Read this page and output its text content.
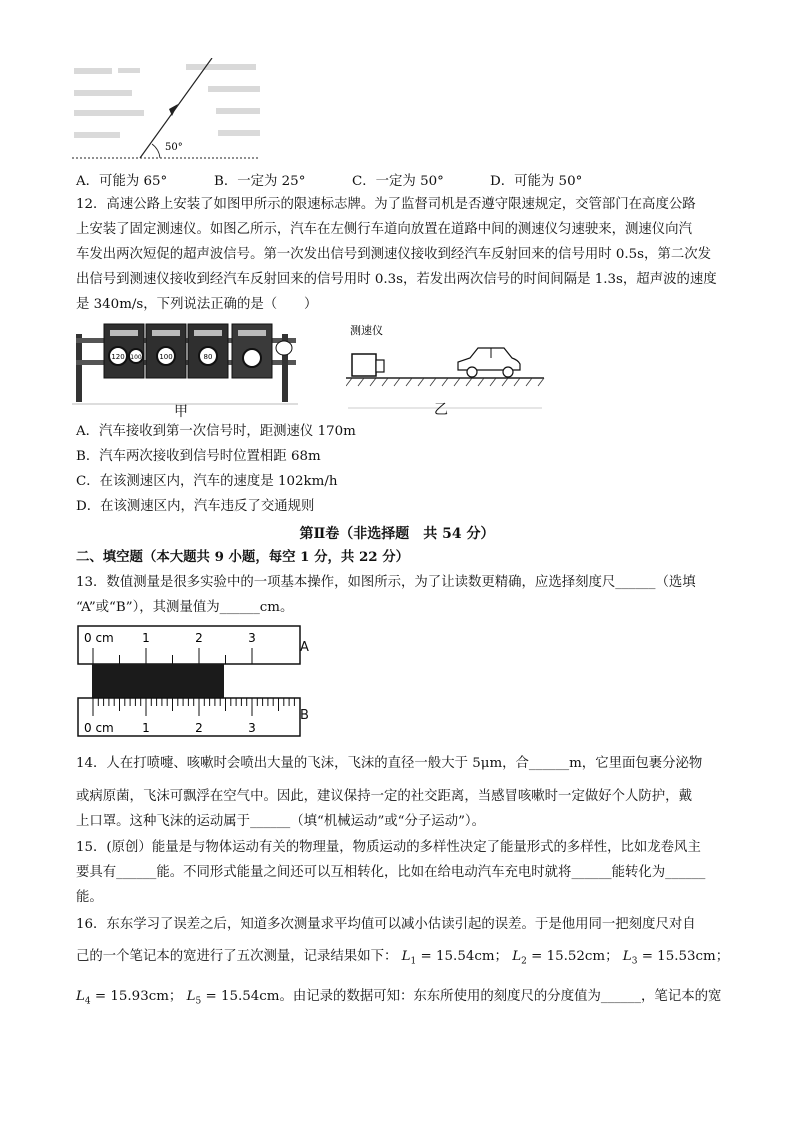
50°
A．可能为 65°	B．一定为 25°	C．一定为 50°	D．可能为 50°
12．高速公路上安装了如图甲所示的限速标志牌。为了监督司机是否遵守限速规定，交管部门在高度公路
上安装了固定测速仪。如图乙所示，汽车在左侧行车道向放置在道路中间的测速仪匀速驶来，测速仪向汽
车发出两次短促的超声波信号。第一次发出信号到测速仪接收到经汽车反射回来的信号用时 0.5s，第二次发
出信号到测速仪接收到经汽车反射回来的信号用时 0.3s，若发出两次信号的时间间隔是 1.3s，超声波的速度
是 340m/s，下列说法正确的是（　　）
120 100	100	80
甲
测速仪
乙
A．汽车接收到第一次信号时，距测速仪 170m
B．汽车两次接收到信号时位置相距 68m
C．在该测速区内，汽车的速度是 102km/h
D．在该测速区内，汽车违反了交通规则
第Ⅱ卷（非选择题　共 54 分）
二、填空题（本大题共 9 小题，每空 1 分，共 22 分）
13．数值测量是很多实验中的一项基本操作，如图所示，为了让读数更精确，应选择刻度尺______（选填
“A”或“B”），其测量值为______cm。
0 cm 1	2	3
0 cm 1	2	3
A
B
14．人在打喷嚏、咳嗽时会喷出大量的飞沫，飞沫的直径一般大于 5μm，合______m，它里面包裹分泌物
或病原菌，飞沫可飘浮在空气中。因此，建议保持一定的社交距离，当感冒咳嗽时一定做好个人防护，戴
上口罩。这种飞沫的运动属于______（填“机械运动”或“分子运动”）。
15．(原创）能量是与物体运动有关的物理量，物质运动的多样性决定了能量形式的多样性，比如龙卷风主
要具有______能。不同形式能量之间还可以互相转化，比如在给电动汽车充电时就将______能转化为______
能。
16．东东学习了误差之后，知道多次测量求平均值可以减小估读引起的误差。于是他用同一把刻度尺对自
己的一个笔记本的宽进行了五次测量，记录结果如下： $L_1 = 15.54cm$； $L_2 = 15.52cm$； $L_3 = 15.53cm$；
$L_4 = 15.93cm$； $L_5 = 15.54cm$。由记录的数据可知：东东所使用的刻度尺的分度值为______，笔记本的宽
